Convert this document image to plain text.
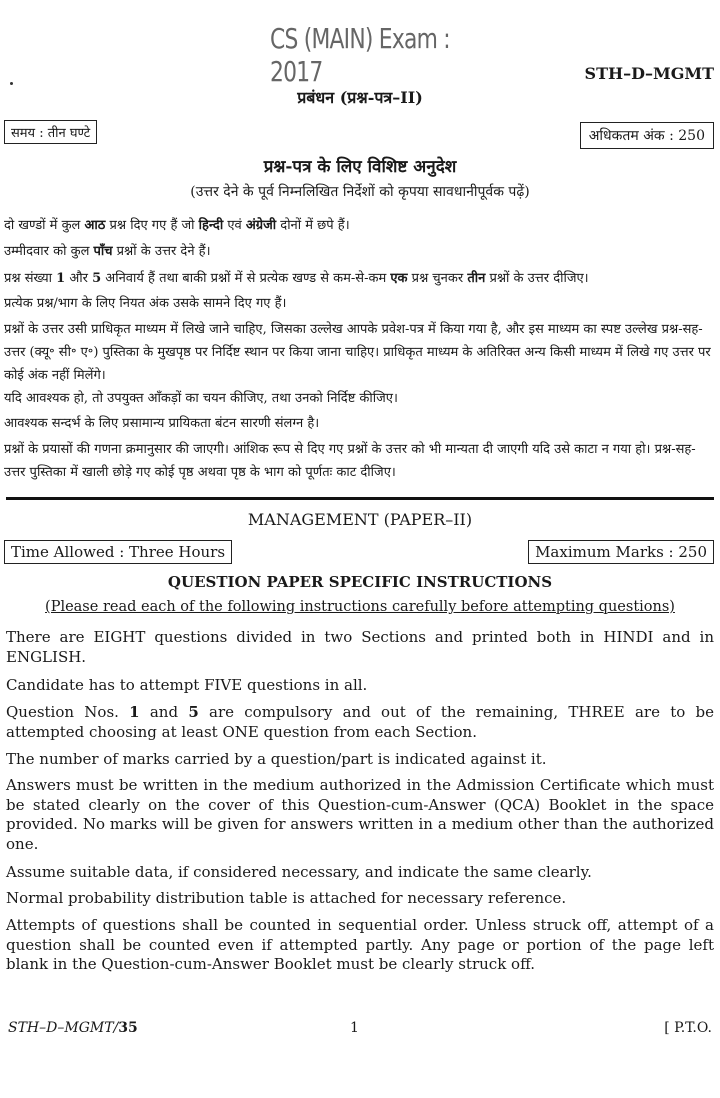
CS (MAIN) Exam : 2017	STH–D–MGMT
प्रबंधन (प्रश्न-पत्र–II)
समय : तीन घण्टे	अधिकतम अंक : 250
प्रश्न-पत्र के लिए विशिष्ट अनुदेश
(उत्तर देने के पूर्व निम्नलिखित निर्देशों को कृपया सावधानीपूर्वक पढ़ें)
दो खण्डों में कुल आठ प्रश्न दिए गए हैं जो हिन्दी एवं अंग्रेजी दोनों में छपे हैं।
उम्मीदवार को कुल पाँच प्रश्नों के उत्तर देने हैं।
प्रश्न संख्या 1 और 5 अनिवार्य हैं तथा बाकी प्रश्नों में से प्रत्येक खण्ड से कम-से-कम एक प्रश्न चुनकर तीन प्रश्नों के उत्तर दीजिए।
प्रत्येक प्रश्न/भाग के लिए नियत अंक उसके सामने दिए गए हैं।
प्रश्नों के उत्तर उसी प्राधिकृत माध्यम में लिखे जाने चाहिए, जिसका उल्लेख आपके प्रवेश-पत्र में किया गया है, और इस माध्यम का स्पष्ट उल्लेख प्रश्न-सह-उत्तर (क्यू॰ सी॰ ए॰) पुस्तिका के मुखपृष्ठ पर निर्दिष्ट स्थान पर किया जाना चाहिए। प्राधिकृत माध्यम के अतिरिक्त अन्य किसी माध्यम में लिखे गए उत्तर पर कोई अंक नहीं मिलेंगे।
यदि आवश्यक हो, तो उपयुक्त आँकड़ों का चयन कीजिए, तथा उनको निर्दिष्ट कीजिए।
आवश्यक सन्दर्भ के लिए प्रसामान्य प्रायिकता बंटन सारणी संलग्न है।
प्रश्नों के प्रयासों की गणना क्रमानुसार की जाएगी। आंशिक रूप से दिए गए प्रश्नों के उत्तर को भी मान्यता दी जाएगी यदि उसे काटा न गया हो। प्रश्न-सह-उत्तर पुस्तिका में खाली छोड़े गए कोई पृष्ठ अथवा पृष्ठ के भाग को पूर्णतः काट दीजिए।
MANAGEMENT (PAPER–II)
Time Allowed : Three Hours	Maximum Marks : 250
QUESTION PAPER SPECIFIC INSTRUCTIONS
(Please read each of the following instructions carefully before attempting questions)
There are EIGHT questions divided in two Sections and printed both in HINDI and in ENGLISH.
Candidate has to attempt FIVE questions in all.
Question Nos. 1 and 5 are compulsory and out of the remaining, THREE are to be attempted choosing at least ONE question from each Section.
The number of marks carried by a question/part is indicated against it.
Answers must be written in the medium authorized in the Admission Certificate which must be stated clearly on the cover of this Question-cum-Answer (QCA) Booklet in the space provided. No marks will be given for answers written in a medium other than the authorized one.
Assume suitable data, if considered necessary, and indicate the same clearly.
Normal probability distribution table is attached for necessary reference.
Attempts of questions shall be counted in sequential order. Unless struck off, attempt of a question shall be counted even if attempted partly. Any page or portion of the page left blank in the Question-cum-Answer Booklet must be clearly struck off.
STH–D–MGMT/35	1	[ P.T.O.
